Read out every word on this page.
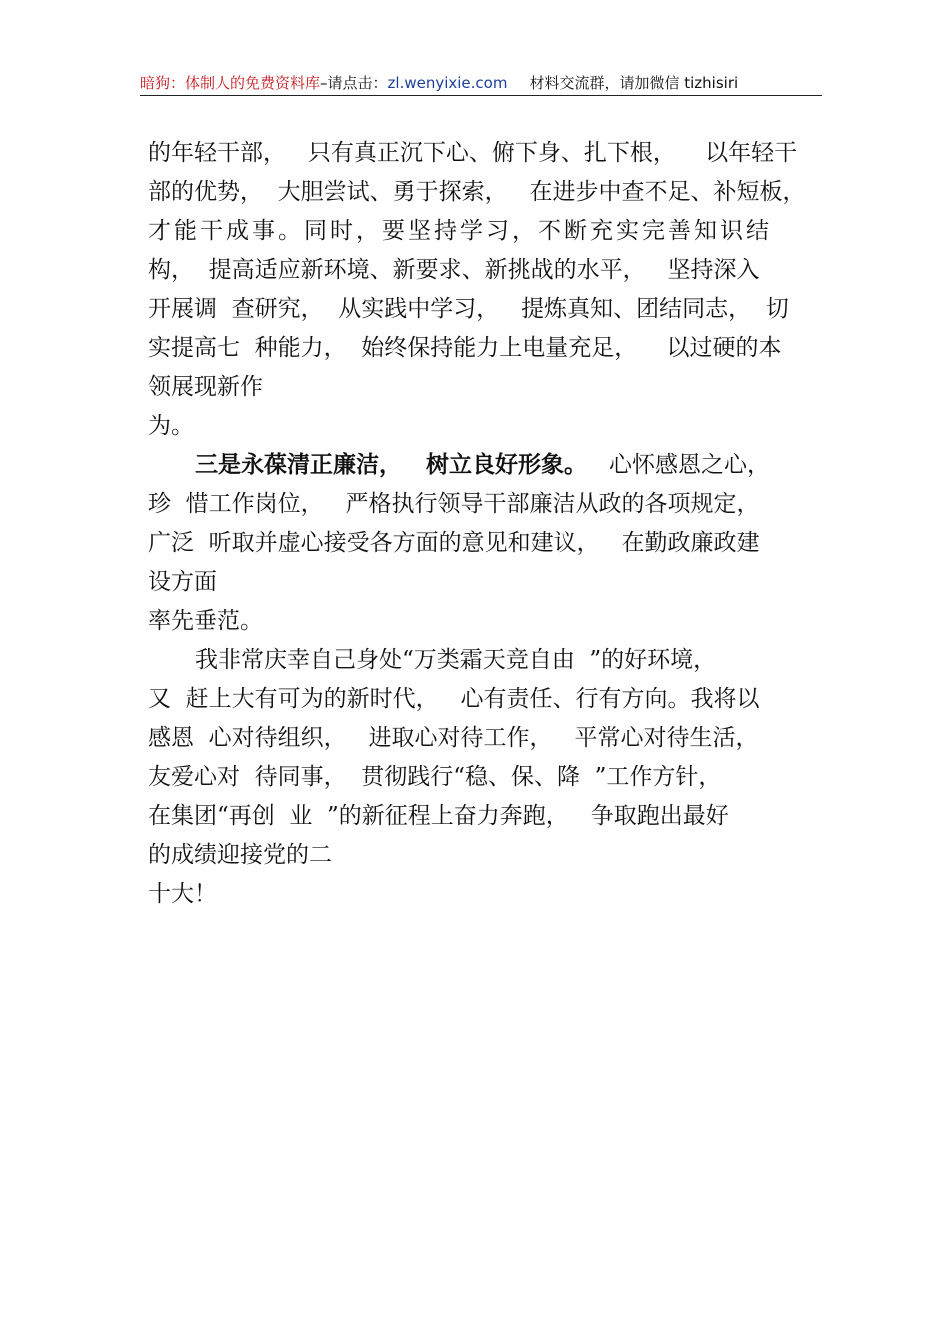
暗狗：体制人的免费资料库–请点击：zl.wenyixie.com 材料交流群，请加微信 tizhisiri
的年轻干部，   只有真正沉下心、俯下身、扎下根，    以年轻干
部的优势，  大胆尝试、勇于探索，   在进步中查不足、补短板，
才能干成事。同时，要坚持学习，不断充实完善知识结
构，  提高适应新环境、新要求、新挑战的水平，   坚持深入
开展调  查研究，  从实践中学习，   提炼真知、团结同志，  切
实提高七  种能力，  始终保持能力上电量充足，    以过硬的本
领展现新作
为。
三是永葆清正廉洁，   树立良好形象。   心怀感恩之心，
珍  惜工作岗位，   严格执行领导干部廉洁从政的各项规定，
广泛  听取并虚心接受各方面的意见和建议，   在勤政廉政建
设方面
率先垂范。
我非常庆幸自己身处“万类霜天竞自由  ”的好环境，
又  赶上大有可为的新时代，   心有责任、行有方向。我将以
感恩  心对待组织，   进取心对待工作，   平常心对待生活，
友爱心对  待同事，  贯彻践行“稳、保、降  ”工作方针，
在集团“再创  业  ”的新征程上奋力奔跑，   争取跑出最好
的成绩迎接党的二
十大！
